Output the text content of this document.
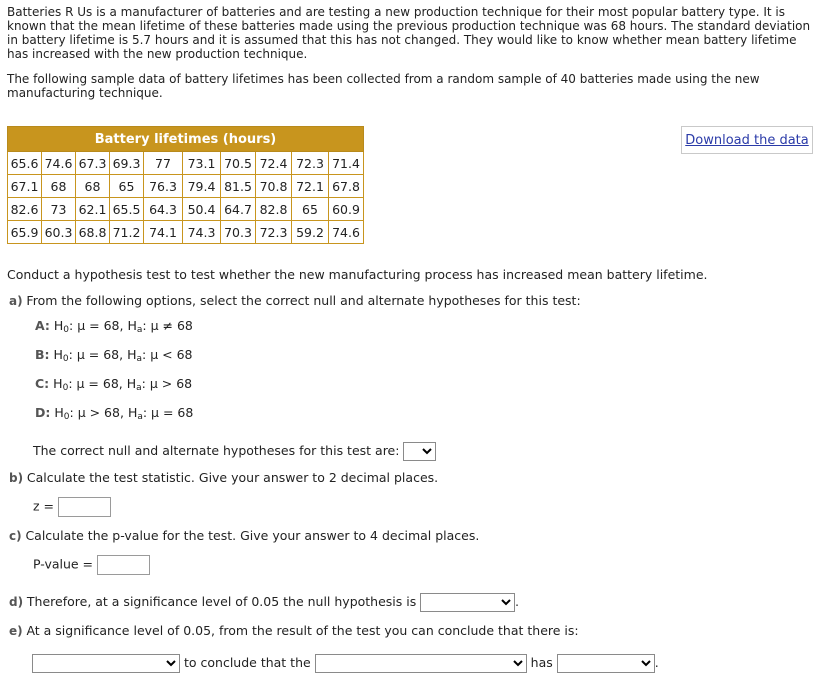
Batteries R Us is a manufacturer of batteries and are testing a new production technique for their most popular battery type. It is known that the mean lifetime of these batteries made using the previous production technique was 68 hours. The standard deviation in battery lifetime is 5.7 hours and it is assumed that this has not changed. They would like to know whether mean battery lifetime has increased with the new production technique.

The following sample data of battery lifetimes has been collected from a random sample of 40 batteries made using the new manufacturing technique.

Battery lifetimes (hours)									
65.6	74.6	67.3	69.3	77	73.1	70.5	72.4	72.3	71.4
67.1	68	68	65	76.3	79.4	81.5	70.8	72.1	67.8
82.6	73	62.1	65.5	64.3	50.4	64.7	82.8	65	60.9
65.9	60.3	68.8	71.2	74.1	74.3	70.3	72.3	59.2	74.6
Download the data
Conduct a hypothesis test to test whether the new manufacturing process has increased mean battery lifetime.
a) From the following options, select the correct null and alternate hypotheses for this test:
A: $H_0$: μ = 68, $H_a$: μ ≠ 68
B: $H_0$: μ = 68, $H_a$: μ < 68
C: $H_0$: μ = 68, $H_a$: μ > 68
D: $H_0$: μ > 68, $H_a$: μ = 68
The correct null and alternate hypotheses for this test are:
b) Calculate the test statistic. Give your answer to 2 decimal places.
z =
c) Calculate the p-value for the test. Give your answer to 4 decimal places.
P-value =
d) Therefore, at a significance level of 0.05 the null hypothesis is	.
e) At a significance level of 0.05, from the result of the test you can conclude that there is:
to conclude that the	has	.
